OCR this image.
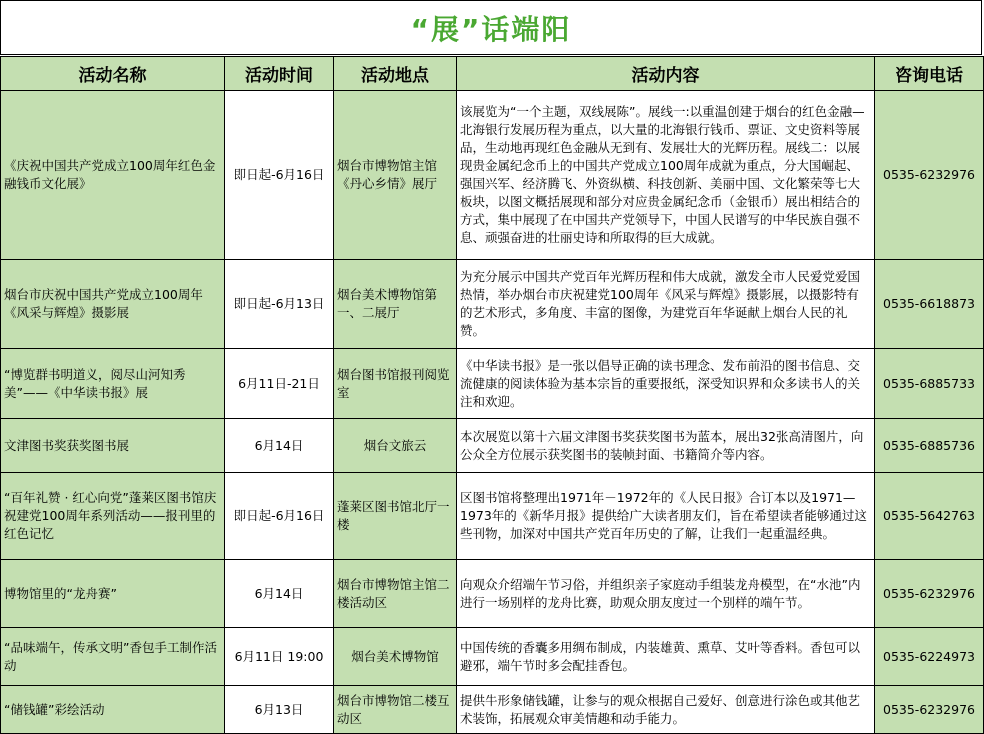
“展”话端阳
活动名称	活动时间	活动地点	活动内容	咨询电话
《庆祝中国共产党成立100周年红色金融钱币文化展》	即日起-6月16日	烟台市博物馆主馆《丹心乡情》展厅	该展览为“一个主题，双线展陈”。展线一:以重温创建于烟台的红色金融—北海银行发展历程为重点，以大量的北海银行钱币、票证、文史资料等展品，生动地再现红色金融从无到有、发展壮大的光辉历程。展线二：以展现贵金属纪念币上的中国共产党成立100周年成就为重点，分大国崛起、强国兴军、经济腾飞、外资纵横、科技创新、美丽中国、文化繁荣等七大板块，以图文概括展现和部分对应贵金属纪念币（金银币）展出相结合的方式，集中展现了在中国共产党领导下，中国人民谱写的中华民族自强不息、顽强奋进的壮丽史诗和所取得的巨大成就。	0535-6232976
烟台市庆祝中国共产党成立100周年《风采与辉煌》摄影展	即日起-6月13日	烟台美术博物馆第一、二展厅	为充分展示中国共产党百年光辉历程和伟大成就，激发全市人民爱党爱国热情，举办烟台市庆祝建党100周年《风采与辉煌》摄影展，以摄影特有的艺术形式，多角度、丰富的图像，为建党百年华诞献上烟台人民的礼赞。	0535-6618873
“博览群书明道义，阅尽山河知秀美”——《中华读书报》展	6月11日-21日	烟台图书馆报刊阅览室	《中华读书报》是一张以倡导正确的读书理念、发布前沿的图书信息、交流健康的阅读体验为基本宗旨的重要报纸，深受知识界和众多读书人的关注和欢迎。	0535-6885733
文津图书奖获奖图书展	6月14日	烟台文旅云	本次展览以第十六届文津图书奖获奖图书为蓝本，展出32张高清图片，向公众全方位展示获奖图书的装帧封面、书籍简介等内容。	0535-6885736
“百年礼赞 · 红心向党”蓬莱区图书馆庆祝建党100周年系列活动——报刊里的红色记忆	即日起-6月16日	蓬莱区图书馆北厅一楼	区图书馆将整理出1971年－1972年的《人民日报》合订本以及1971—1973年的《新华月报》提供给广大读者朋友们，旨在希望读者能够通过这些刊物，加深对中国共产党百年历史的了解，让我们一起重温经典。	0535-5642763
博物馆里的“龙舟赛”	6月14日	烟台市博物馆主馆二楼活动区	向观众介绍端午节习俗，并组织亲子家庭动手组装龙舟模型，在“水池”内进行一场别样的龙舟比赛，助观众朋友度过一个别样的端午节。	0535-6232976
“品味端午，传承文明”香包手工制作活动	6月11日 19:00	烟台美术博物馆	中国传统的香囊多用绸布制成，内装雄黄、熏草、艾叶等香料。香包可以避邪，端午节时多会配挂香包。	0535-6224973
“储钱罐”彩绘活动	6月13日	烟台市博物馆二楼互动区	提供牛形象储钱罐，让参与的观众根据自己爱好、创意进行涂色或其他艺术装饰，拓展观众审美情趣和动手能力。	0535-6232976
